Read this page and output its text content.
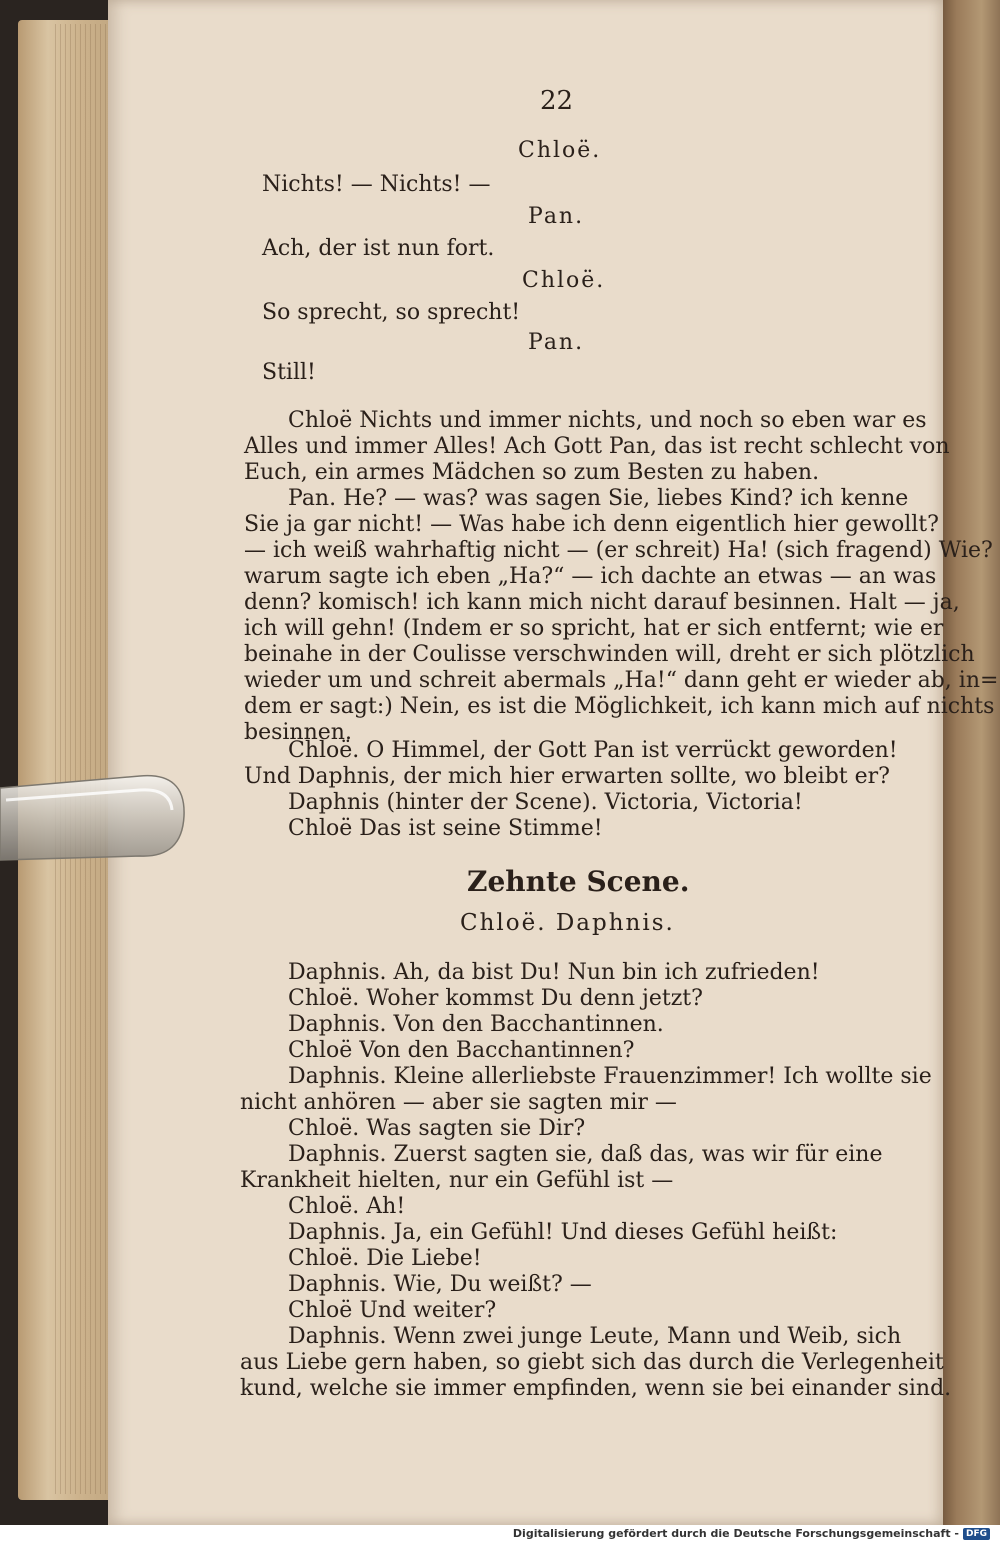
22
Chloë.
Nichts! — Nichts! —
Pan.
Ach, der ist nun fort.
Chloë.
So sprecht, so sprecht!
Pan.
Still!
Chloë Nichts und immer nichts, und noch so eben war es
Alles und immer Alles! Ach Gott Pan, das ist recht schlecht von
Euch, ein armes Mädchen so zum Besten zu haben.
Pan. He? — was? was sagen Sie, liebes Kind? ich kenne
Sie ja gar nicht! — Was habe ich denn eigentlich hier gewollt?
— ich weiß wahrhaftig nicht — (er schreit) Ha! (sich fragend) Wie?
warum sagte ich eben „Ha?“ — ich dachte an etwas — an was
denn? komisch! ich kann mich nicht darauf besinnen. Halt — ja,
ich will gehn! (Indem er so spricht, hat er sich entfernt; wie er
beinahe in der Coulisse verschwinden will, dreht er sich plötzlich
wieder um und schreit abermals „Ha!“ dann geht er wieder ab, in=
dem er sagt:) Nein, es ist die Möglichkeit, ich kann mich auf nichts
besinnen.
Chloë. O Himmel, der Gott Pan ist verrückt geworden!
Und Daphnis, der mich hier erwarten sollte, wo bleibt er?
Daphnis (hinter der Scene). Victoria, Victoria!
Chloë Das ist seine Stimme!
Zehnte Scene.
Chloë. Daphnis.
Daphnis. Ah, da bist Du! Nun bin ich zufrieden!
Chloë. Woher kommst Du denn jetzt?
Daphnis. Von den Bacchantinnen.
Chloë Von den Bacchantinnen?
Daphnis. Kleine allerliebste Frauenzimmer! Ich wollte sie
nicht anhören — aber sie sagten mir —
Chloë. Was sagten sie Dir?
Daphnis. Zuerst sagten sie, daß das, was wir für eine
Krankheit hielten, nur ein Gefühl ist —
Chloë. Ah!
Daphnis. Ja, ein Gefühl! Und dieses Gefühl heißt:
Chloë. Die Liebe!
Daphnis. Wie, Du weißt? —
Chloë Und weiter?
Daphnis. Wenn zwei junge Leute, Mann und Weib, sich
aus Liebe gern haben, so giebt sich das durch die Verlegenheit
kund, welche sie immer empfinden, wenn sie bei einander sind.
Digitalisierung gefördert durch die Deutsche Forschungsgemeinschaft - DFG
